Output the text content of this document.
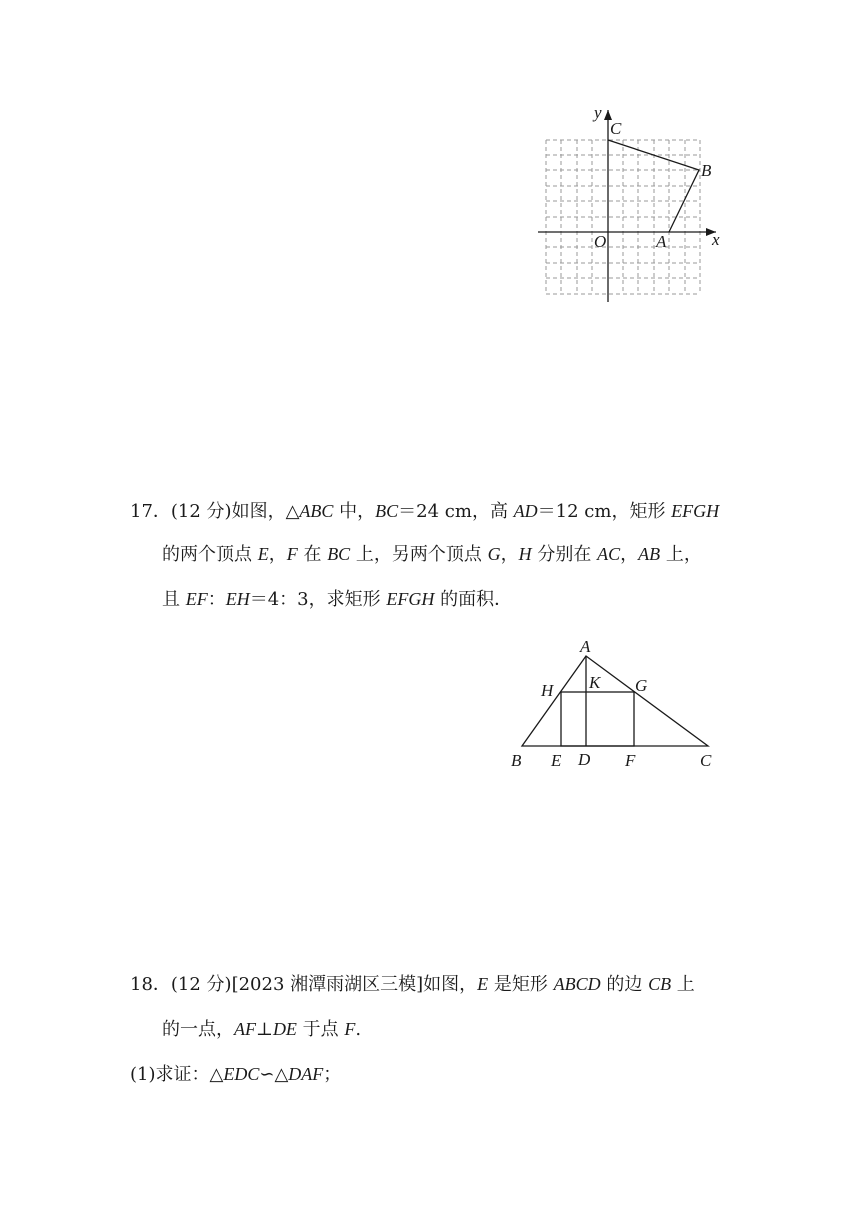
y
C
B
O	A	x
17．(12 分)如图，△ABC 中，BC＝24 cm，高 AD＝12 cm，矩形 EFGH
的两个顶点 E，F 在 BC 上，另两个顶点 G，H 分别在 AC，AB 上，
且 EF：EH＝4：3，求矩形 EFGH 的面积．
A
H K G
B E D F	C
18．(12 分)[2023 湘潭雨湖区三模]如图，E 是矩形 ABCD 的边 CB 上
的一点，AF⊥DE 于点 F.
(1)求证：△EDC∽△DAF；
